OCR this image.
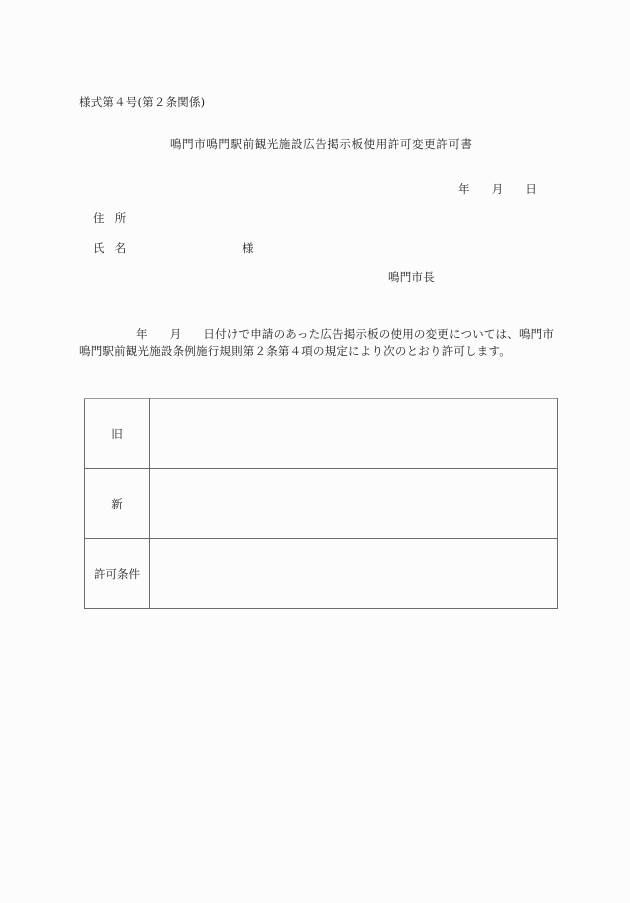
様式第４号(第２条関係)
鳴門市鳴門駅前観光施設広告掲示板使用許可変更許可書
年 月 日
住 所
氏 名	様
鳴門市長
年 月 日付けで申請のあった広告掲示板の使用の変更については、鳴門市
鳴門駅前観光施設条例施行規則第２条第４項の規定により次のとおり許可します。
旧	
新	
許可条件	
